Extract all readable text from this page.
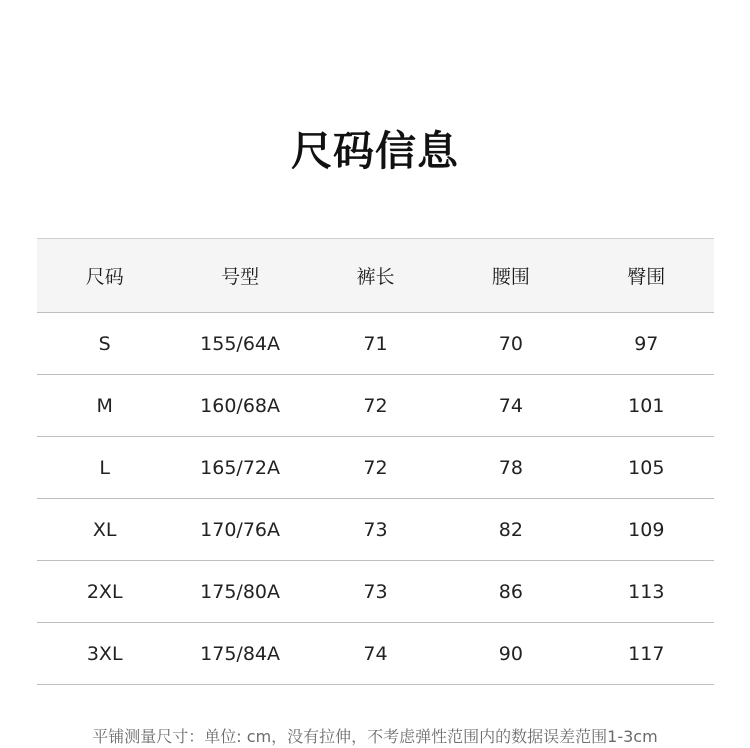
尺码信息
尺码	号型	裤长	腰围	臀围
S	155/64A	71	70	97
M	160/68A	72	74	101
L	165/72A	72	78	105
XL	170/76A	73	82	109
2XL	175/80A	73	86	113
3XL	175/84A	74	90	117
平铺测量尺寸：单位: cm，没有拉伸，不考虑弹性范围内的数据误差范围1-3cm
